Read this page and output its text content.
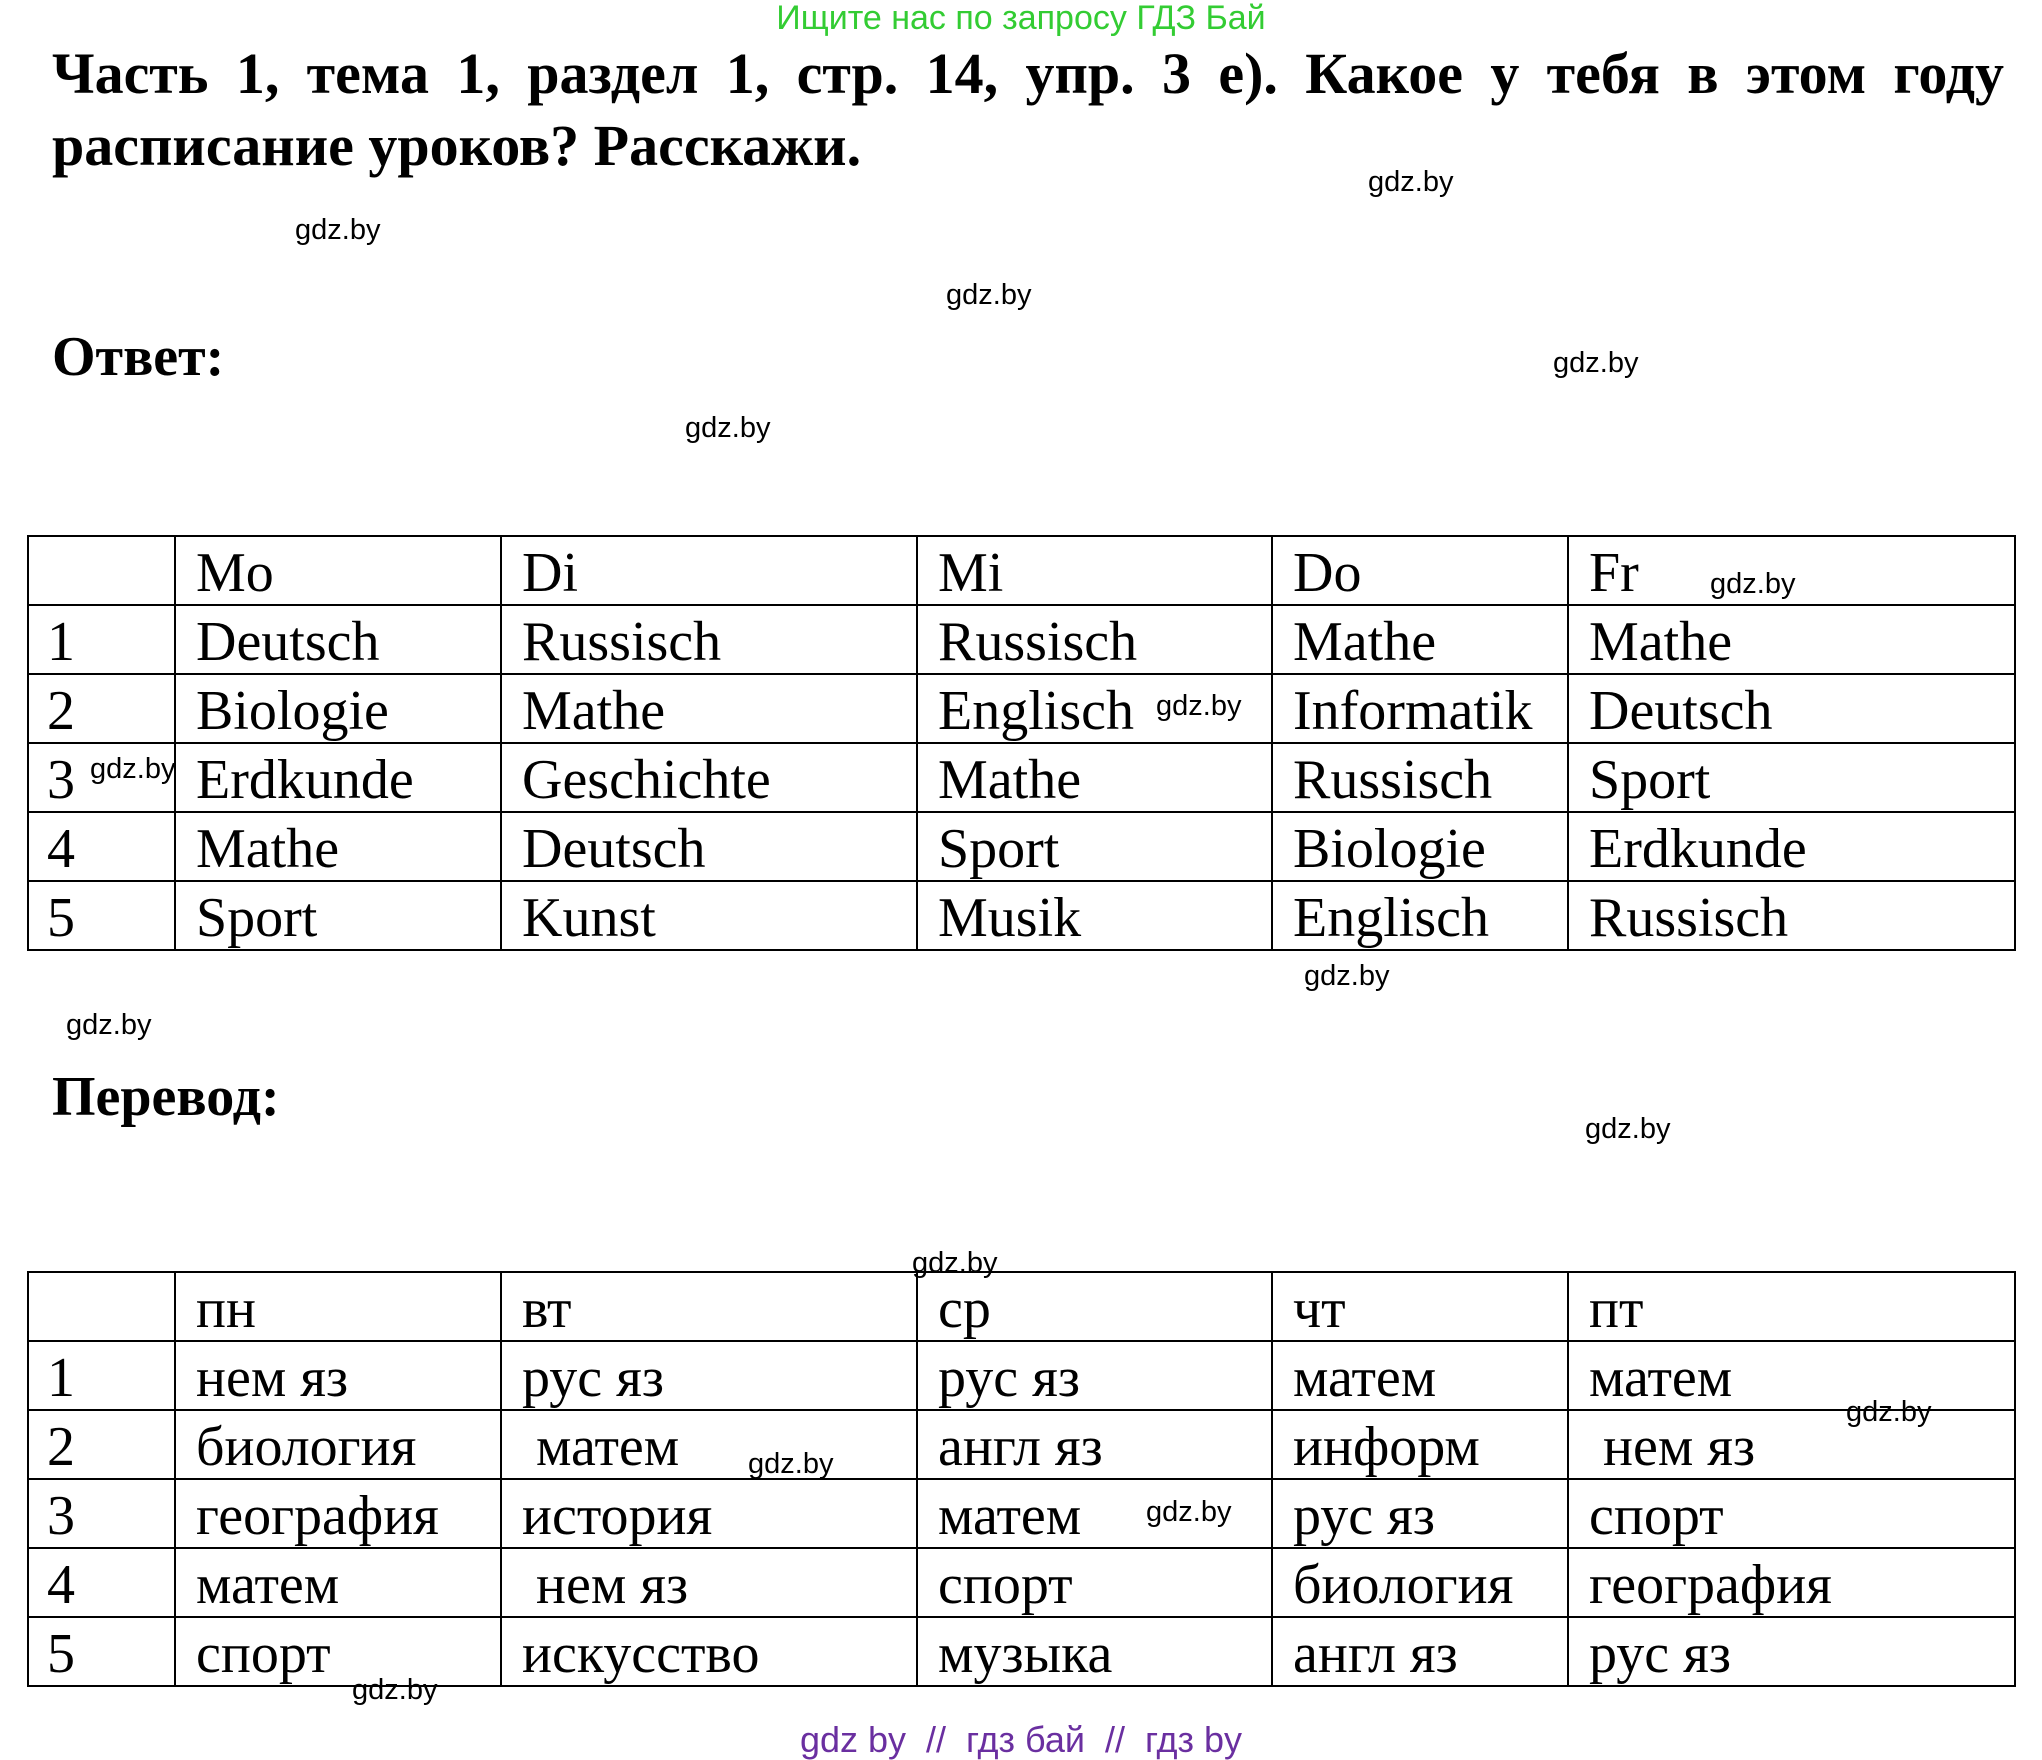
Ищите нас по запросу ГДЗ Бай
Часть 1, тема 1, раздел 1, стр. 14, упр. 3 е). Какое у тебя в этом году расписание уроков? Расскажи.
Ответ:
	Mo	Di	Mi	Do	Fr
1	Deutsch	Russisch	Russisch	Mathe	Mathe
2	Biologie	Mathe	Englisch	Informatik	Deutsch
3	Erdkunde	Geschichte	Mathe	Russisch	Sport
4	Mathe	Deutsch	Sport	Biologie	Erdkunde
5	Sport	Kunst	Musik	Englisch	Russisch
Перевод:
	пн	вт	ср	чт	пт
1	нем яз	рус яз	рус яз	матем	матем
2	биология	матем	англ яз	информ	нем яз
3	география	история	матем	рус яз	спорт
4	матем	нем яз	спорт	биология	география
5	спорт	искусство	музыка	англ яз	рус яз
gdz.by
gdz.by
gdz.by
gdz.by
gdz.by
gdz.by
gdz.by
gdz.by
gdz.by
gdz.by
gdz.by
gdz.by
gdz.by
gdz.by
gdz.by
gdz.by
gdz by  //  гдз бай  //  гдз by
